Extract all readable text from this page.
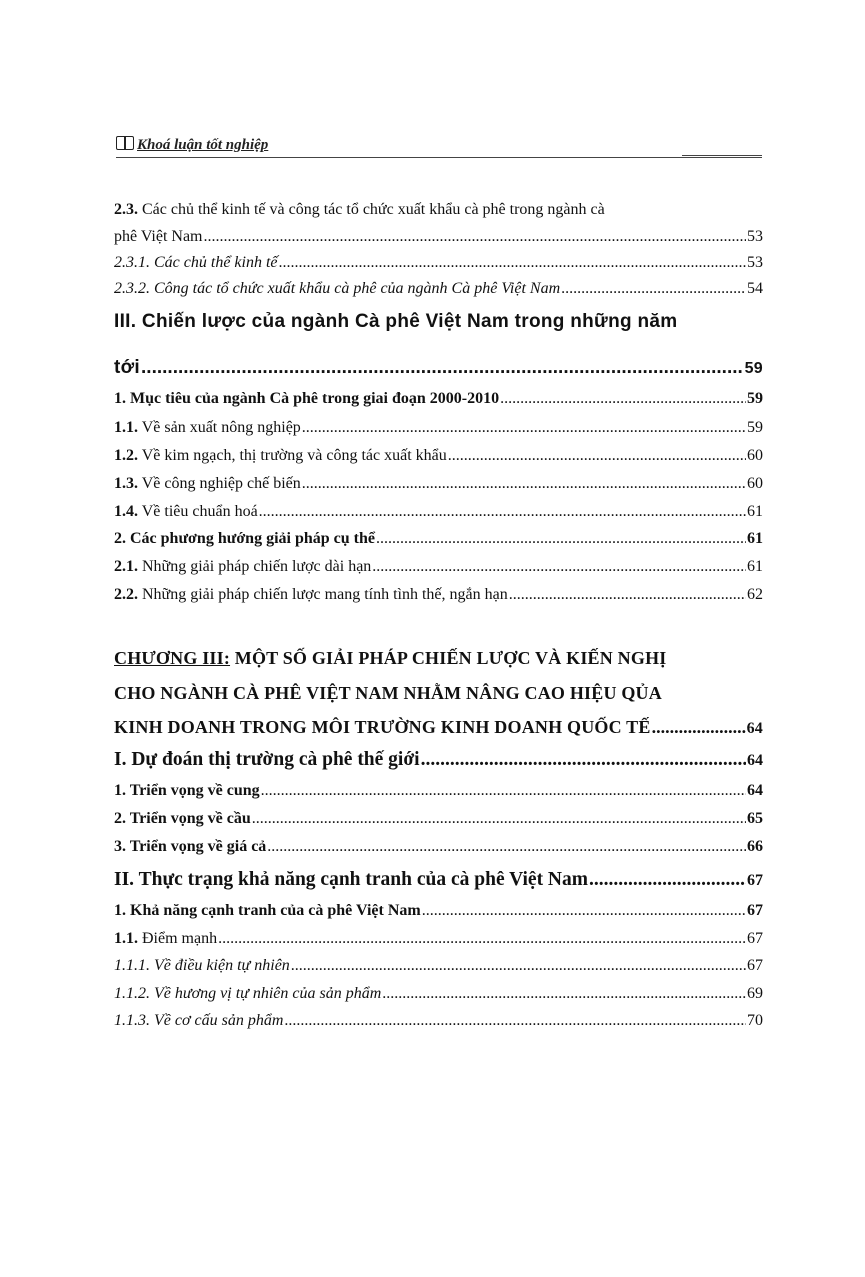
Khoá luận tốt nghiệp
2.3. Các chủ thể kinh tế và công tác tổ chức xuất khẩu cà phê trong ngành cà
phê Việt Nam .....	53
2.3.1. Các chủ thể kinh tế .....	53
2.3.2. Công tác tổ chức xuất khẩu cà phê của ngành Cà phê Việt Nam .....	54
III. Chiến lược của ngành Cà phê Việt Nam trong những năm
tới .....	59
1. Mục tiêu của ngành Cà phê trong giai đoạn 2000-2010 .....	59
1.1. Về sản xuất nông nghiệp .....	59
1.2. Về kim ngạch, thị trường và công tác xuất khẩu .....	60
1.3. Về công nghiệp chế biến .....	60
1.4. Về tiêu chuẩn hoá .....	61
2. Các phương hướng giải pháp cụ thể .....	61
2.1. Những giải pháp chiến lược dài hạn .....	61
2.2. Những giải pháp chiến lược mang tính tình thế, ngắn hạn .....	62
CHƯƠNG III: MỘT SỐ GIẢI PHÁP CHIẾN LƯỢC VÀ KIẾN NGHỊ
CHO NGÀNH CÀ PHÊ VIỆT NAM NHẰM NÂNG CAO HIỆU QỦA
KINH DOANH TRONG MÔI TRƯỜNG KINH DOANH QUỐC TẾ .....	64
I. Dự đoán thị trường cà phê thế giới .....	64
1. Triển vọng về cung .....	64
2. Triển vọng về cầu .....	65
3. Triển vọng về giá cả .....	66
II. Thực trạng khả năng cạnh tranh của cà phê Việt Nam .....	67
1. Khả năng cạnh tranh của cà phê Việt Nam .....	67
1.1. Điểm mạnh .....	67
1.1.1. Về điều kiện tự nhiên .....	67
1.1.2. Về hương vị tự nhiên của sản phẩm .....	69
1.1.3. Về cơ cấu sản phẩm .....	70
